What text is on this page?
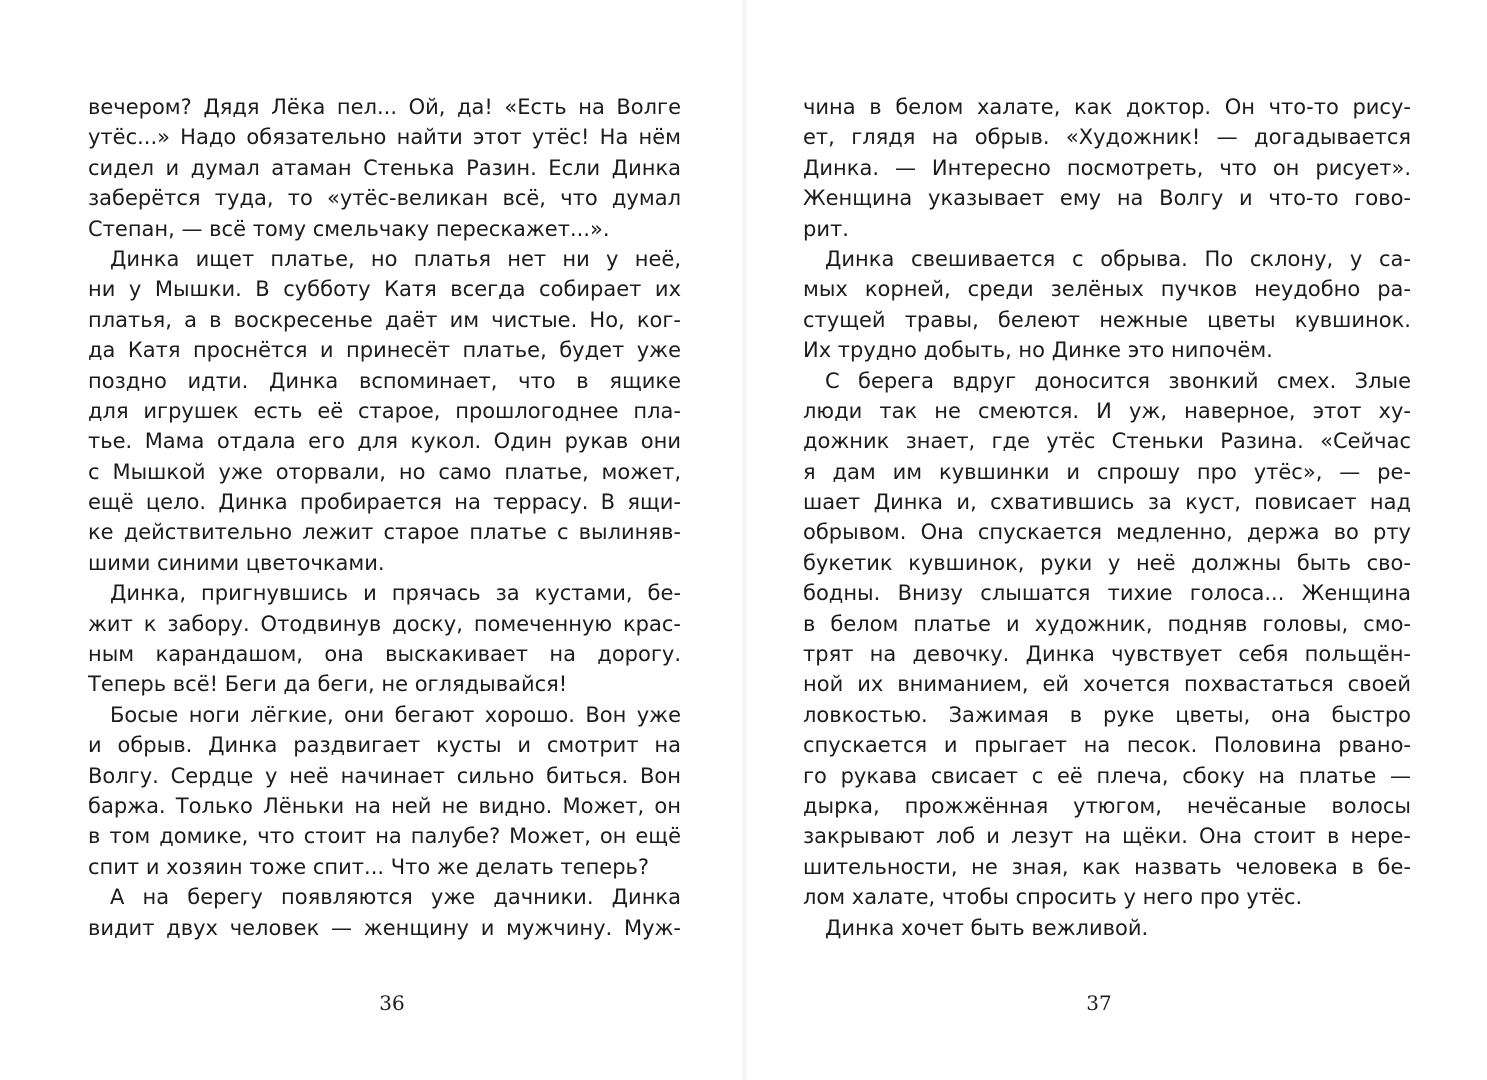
вечером? Дядя Лёка пел... Ой, да! «Есть на Волге
утёс...» Надо обязательно найти этот утёс! На нём
сидел и думал атаман Стенька Разин. Если Динка
заберётся туда, то «утёс-великан всё, что думал
Степан, — всё тому смельчаку перескажет...».
Динка ищет платье, но платья нет ни у неё,
ни у Мышки. В субботу Катя всегда собирает их
платья, а в воскресенье даёт им чистые. Но, ког-
да Катя проснётся и принесёт платье, будет уже
поздно идти. Динка вспоминает, что в ящике
для игрушек есть её старое, прошлогоднее пла-
тье. Мама отдала его для кукол. Один рукав они
с Мышкой уже оторвали, но само платье, может,
ещё цело. Динка пробирается на террасу. В ящи-
ке действительно лежит старое платье с вылиняв-
шими синими цветочками.
Динка, пригнувшись и прячась за кустами, бе-
жит к забору. Отодвинув доску, помеченную крас-
ным карандашом, она выскакивает на дорогу.
Теперь всё! Беги да беги, не оглядывайся!
Босые ноги лёгкие, они бегают хорошо. Вон уже
и обрыв. Динка раздвигает кусты и смотрит на
Волгу. Сердце у неё начинает сильно биться. Вон
баржа. Только Лёньки на ней не видно. Может, он
в том домике, что стоит на палубе? Может, он ещё
спит и хозяин тоже спит... Что же делать теперь?
А на берегу появляются уже дачники. Динка
видит двух человек — женщину и мужчину. Муж-
36
чина в белом халате, как доктор. Он что-то рису-
ет, глядя на обрыв. «Художник! — догадывается
Динка. — Интересно посмотреть, что он рисует».
Женщина указывает ему на Волгу и что-то гово-
рит.
Динка свешивается с обрыва. По склону, у са-
мых корней, среди зелёных пучков неудобно ра-
стущей травы, белеют нежные цветы кувшинок.
Их трудно добыть, но Динке это нипочём.
С берега вдруг доносится звонкий смех. Злые
люди так не смеются. И уж, наверное, этот ху-
дожник знает, где утёс Стеньки Разина. «Сейчас
я дам им кувшинки и спрошу про утёс», — ре-
шает Динка и, схватившись за куст, повисает над
обрывом. Она спускается медленно, держа во рту
букетик кувшинок, руки у неё должны быть сво-
бодны. Внизу слышатся тихие голоса... Женщина
в белом платье и художник, подняв головы, смо-
трят на девочку. Динка чувствует себя польщён-
ной их вниманием, ей хочется похвастаться своей
ловкостью. Зажимая в руке цветы, она быстро
спускается и прыгает на песок. Половина рвано-
го рукава свисает с её плеча, сбоку на платье —
дырка, прожжённая утюгом, нечёсаные волосы
закрывают лоб и лезут на щёки. Она стоит в нере-
шительности, не зная, как назвать человека в бе-
лом халате, чтобы спросить у него про утёс.
Динка хочет быть вежливой.
37
